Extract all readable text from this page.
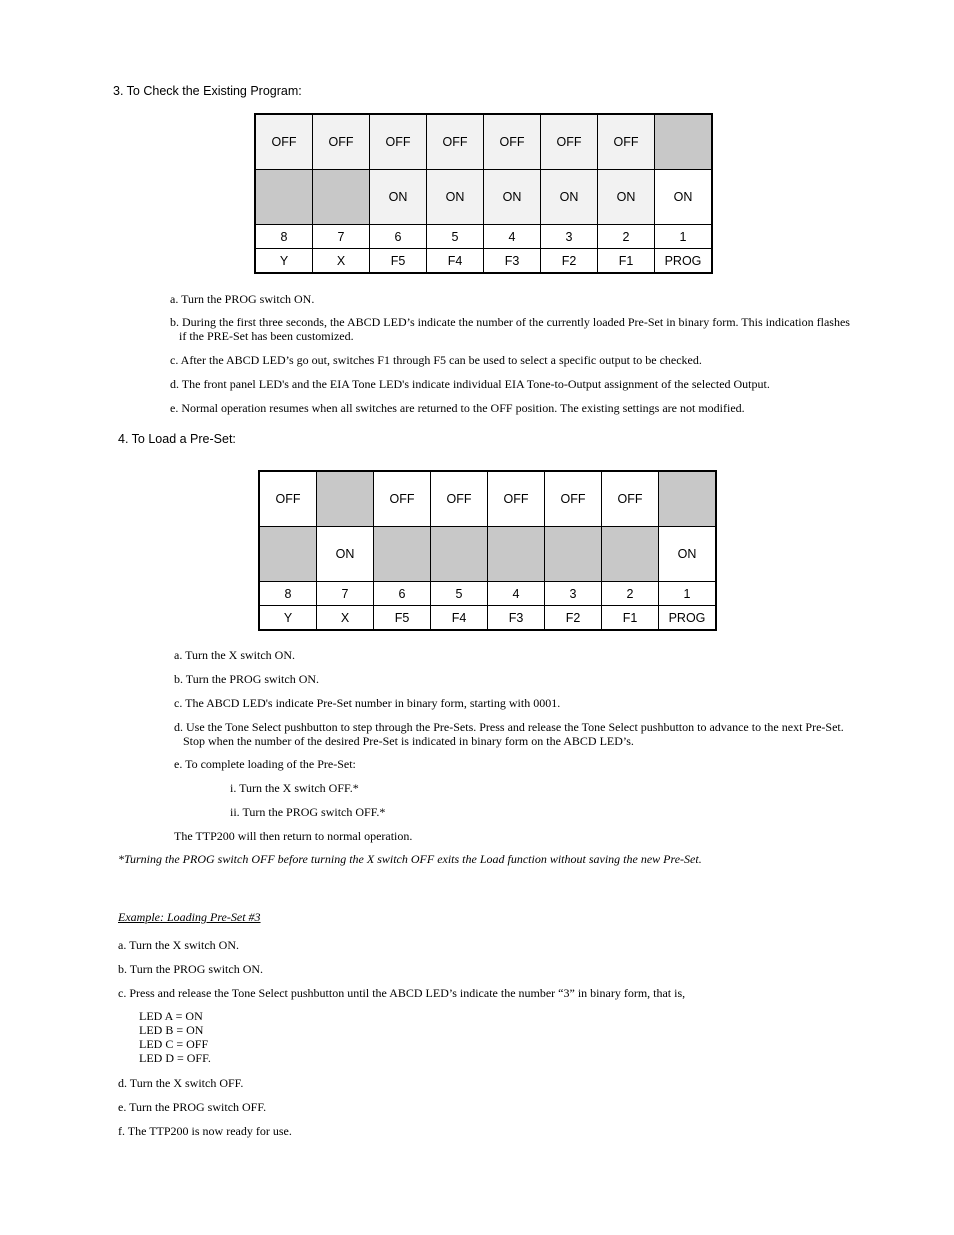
3. To Check the Existing Program:
OFF	OFF	OFF	OFF	OFF	OFF	OFF	
		ON	ON	ON	ON	ON	ON
8	7	6	5	4	3	2	1
Y	X	F5	F4	F3	F2	F1	PROG
a. Turn the PROG switch ON.
b. During the first three seconds, the ABCD LED’s indicate the number of the currently loaded Pre-Set in binary form. This indication flashes if the PRE-Set has been customized.
c. After the ABCD LED’s go out, switches F1 through F5 can be used to select a specific output to be checked.
d. The front panel LED's and the EIA Tone LED's indicate individual EIA Tone-to-Output assignment of the selected Output.
e. Normal operation resumes when all switches are returned to the OFF position. The existing settings are not modified.
4. To Load a Pre-Set:
OFF		OFF	OFF	OFF	OFF	OFF	
	ON						ON
8	7	6	5	4	3	2	1
Y	X	F5	F4	F3	F2	F1	PROG
a. Turn the X switch ON.
b. Turn the PROG switch ON.
c. The ABCD LED's indicate Pre-Set number in binary form, starting with 0001.
d. Use the Tone Select pushbutton to step through the Pre-Sets. Press and release the Tone Select pushbutton to advance to the next Pre-Set. Stop when the number of the desired Pre-Set is indicated in binary form on the ABCD LED’s.
e. To complete loading of the Pre-Set:
i. Turn the X switch OFF.*
ii. Turn the PROG switch OFF.*
The TTP200 will then return to normal operation.
*Turning the PROG switch OFF before turning the X switch OFF exits the Load function without saving the new Pre-Set.
Example: Loading Pre-Set #3
a. Turn the X switch ON.
b. Turn the PROG switch ON.
c. Press and release the Tone Select pushbutton until the ABCD LED’s indicate the number “3” in binary form, that is,
LED A = ON
LED B = ON
LED C = OFF
LED D = OFF.
d. Turn the X switch OFF.
e. Turn the PROG switch OFF.
f. The TTP200 is now ready for use.
